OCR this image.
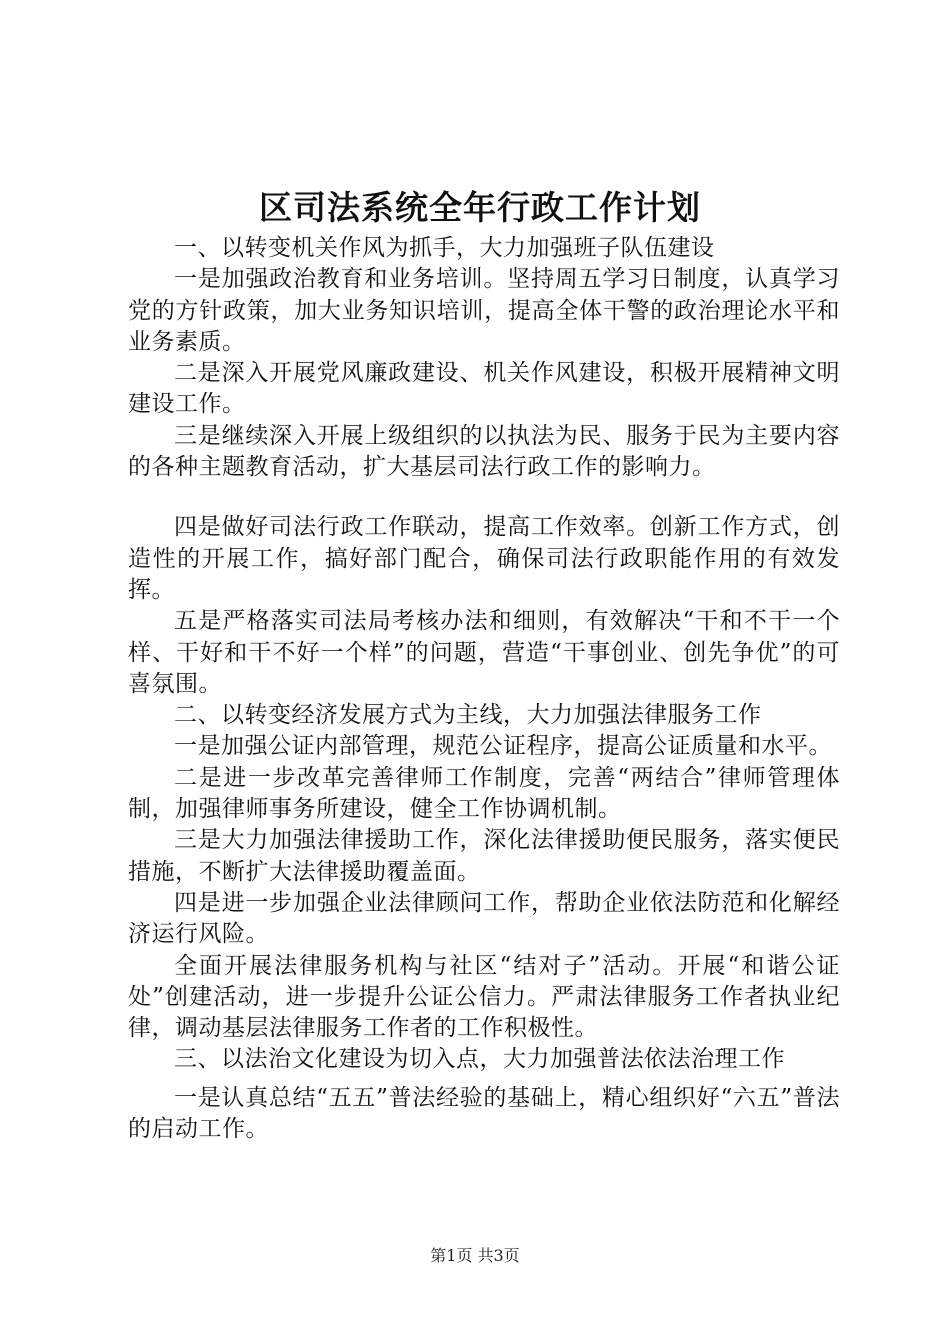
区司法系统全年行政工作计划

一、以转变机关作风为抓手，大力加强班子队伍建设

一是加强政治教育和业务培训。坚持周五学习日制度，认真学习党的方针政策，加大业务知识培训，提高全体干警的政治理论水平和业务素质。

二是深入开展党风廉政建设、机关作风建设，积极开展精神文明建设工作。

三是继续深入开展上级组织的以执法为民、服务于民为主要内容的各种主题教育活动，扩大基层司法行政工作的影响力。

四是做好司法行政工作联动，提高工作效率。创新工作方式，创造性的开展工作，搞好部门配合，确保司法行政职能作用的有效发挥。

五是严格落实司法局考核办法和细则，有效解决“干和不干一个样、干好和干不好一个样”的问题，营造“干事创业、创先争优”的可喜氛围。

二、以转变经济发展方式为主线，大力加强法律服务工作

一是加强公证内部管理，规范公证程序，提高公证质量和水平。

二是进一步改革完善律师工作制度，完善“两结合”律师管理体制，加强律师事务所建设，健全工作协调机制。

三是大力加强法律援助工作，深化法律援助便民服务，落实便民措施，不断扩大法律援助覆盖面。

四是进一步加强企业法律顾问工作，帮助企业依法防范和化解经济运行风险。

全面开展法律服务机构与社区“结对子”活动。开展“和谐公证处”创建活动，进一步提升公证公信力。严肃法律服务工作者执业纪律，调动基层法律服务工作者的工作积极性。

三、以法治文化建设为切入点，大力加强普法依法治理工作

一是认真总结“五五”普法经验的基础上，精心组织好“六五”普法的启动工作。

第1页 共3页
